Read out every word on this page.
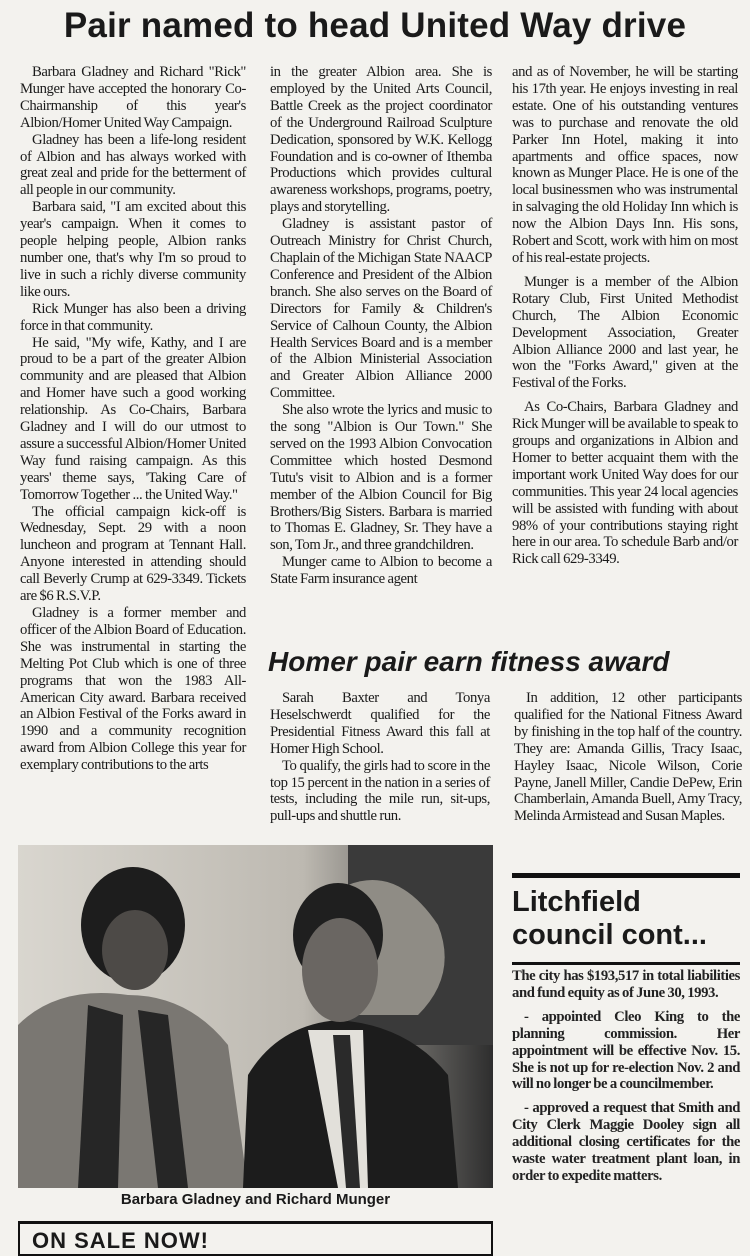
Pair named to head United Way drive

Barbara Gladney and Richard "Rick" Munger have accepted the honorary Co-Chairmanship of this year's Albion/Homer United Way Campaign.

Gladney has been a life-long resident of Albion and has always worked with great zeal and pride for the betterment of all people in our community.

Barbara said, "I am excited about this year's campaign. When it comes to people helping people, Albion ranks number one, that's why I'm so proud to live in such a richly diverse community like ours.

Rick Munger has also been a driving force in that community.

He said, "My wife, Kathy, and I are proud to be a part of the greater Albion community and are pleased that Albion and Homer have such a good working relationship. As Co-Chairs, Barbara Gladney and I will do our utmost to assure a successful Albion/Homer United Way fund raising campaign. As this years' theme says, 'Taking Care of Tomorrow Together ... the United Way."

The official campaign kick-off is Wednesday, Sept. 29 with a noon luncheon and program at Tennant Hall. Anyone interested in attending should call Beverly Crump at 629-3349. Tickets are $6 R.S.V.P.

Gladney is a former member and officer of the Albion Board of Education. She was instrumental in starting the Melting Pot Club which is one of three programs that won the 1983 All-American City award. Barbara received an Albion Festival of the Forks award in 1990 and a community recognition award from Albion College this year for exemplary contributions to the arts

in the greater Albion area. She is employed by the United Arts Council, Battle Creek as the project coordinator of the Underground Railroad Sculpture Dedication, sponsored by W.K. Kellogg Foundation and is co-owner of Ithemba Productions which provides cultural awareness workshops, programs, poetry, plays and storytelling.

Gladney is assistant pastor of Outreach Ministry for Christ Church, Chaplain of the Michigan State NAACP Conference and President of the Albion branch. She also serves on the Board of Directors for Family & Children's Service of Calhoun County, the Albion Health Services Board and is a member of the Albion Ministerial Association and Greater Albion Alliance 2000 Committee.

She also wrote the lyrics and music to the song "Albion is Our Town." She served on the 1993 Albion Convocation Committee which hosted Desmond Tutu's visit to Albion and is a former member of the Albion Council for Big Brothers/Big Sisters. Barbara is married to Thomas E. Gladney, Sr. They have a son, Tom Jr., and three grandchildren.

Munger came to Albion to become a State Farm insurance agent

and as of November, he will be starting his 17th year. He enjoys investing in real estate. One of his outstanding ventures was to purchase and renovate the old Parker Inn Hotel, making it into apartments and office spaces, now known as Munger Place. He is one of the local businessmen who was instrumental in salvaging the old Holiday Inn which is now the Albion Days Inn. His sons, Robert and Scott, work with him on most of his real-estate projects.

Munger is a member of the Albion Rotary Club, First United Methodist Church, The Albion Economic Development Association, Greater Albion Alliance 2000 and last year, he won the "Forks Award," given at the Festival of the Forks.

As Co-Chairs, Barbara Gladney and Rick Munger will be available to speak to groups and organizations in Albion and Homer to better acquaint them with the important work United Way does for our communities. This year 24 local agencies will be assisted with funding with about 98% of your contributions staying right here in our area. To schedule Barb and/or Rick call 629-3349.

Homer pair earn fitness award

Sarah Baxter and Tonya Heselschwerdt qualified for the Presidential Fitness Award this fall at Homer High School.

To qualify, the girls had to score in the top 15 percent in the nation in a series of tests, including the mile run, sit-ups, pull-ups and shuttle run.

In addition, 12 other participants qualified for the National Fitness Award by finishing in the top half of the country. They are: Amanda Gillis, Tracy Isaac, Hayley Isaac, Nicole Wilson, Corie Payne, Janell Miller, Candie DePew, Erin Chamberlain, Amanda Buell, Amy Tracy, Melinda Armistead and Susan Maples.

Barbara Gladney and Richard Munger
Litchfield
council cont...

The city has $193,517 in total liabilities and fund equity as of June 30, 1993.

- appointed Cleo King to the planning commission. Her appointment will be effective Nov. 15. She is not up for re-election Nov. 2 and will no longer be a councilmember.

- approved a request that Smith and City Clerk Maggie Dooley sign all additional closing certificates for the waste water treatment plant loan, in order to expedite matters.

ON SALE NOW!
